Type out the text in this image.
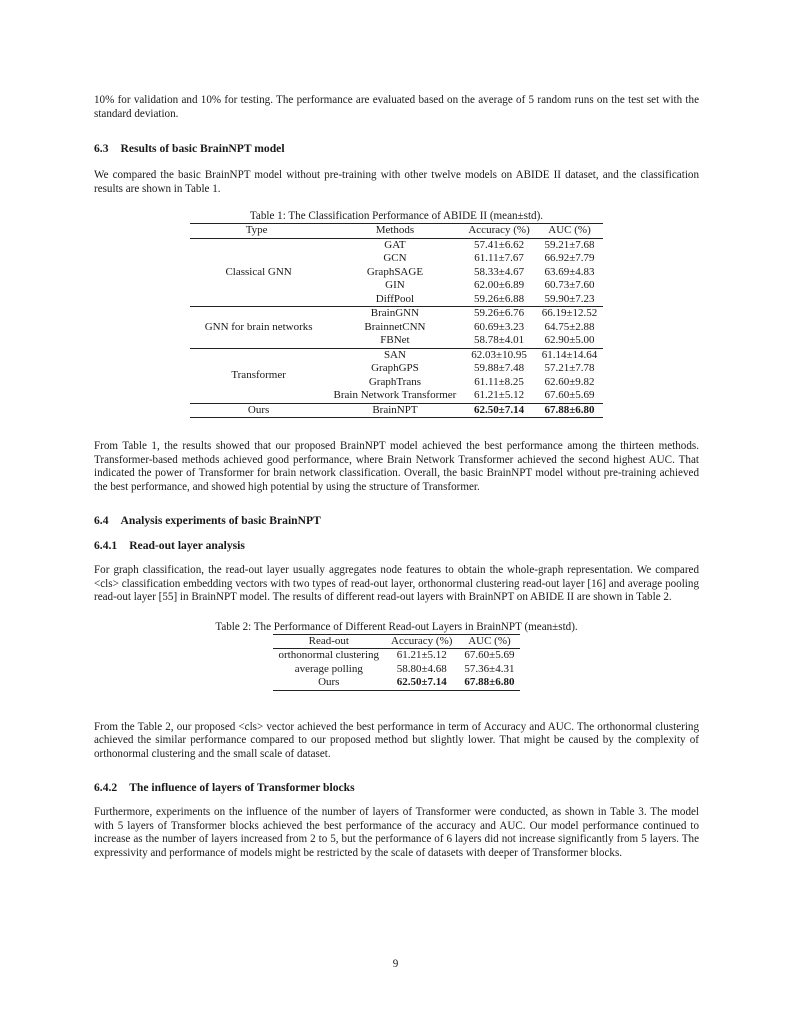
10% for validation and 10% for testing. The performance are evaluated based on the average of 5 random runs on the test set with the standard deviation.

6.3 Results of basic BrainNPT model

We compared the basic BrainNPT model without pre-training with other twelve models on ABIDE II dataset, and the classification results are shown in Table 1.

Table 1: The Classification Performance of ABIDE II (mean±std).
Type	Methods	Accuracy (%)	AUC (%)
Classical GNN	GAT	57.41±6.62	59.21±7.68
	GCN	61.11±7.67	66.92±7.79
	GraphSAGE	58.33±4.67	63.69±4.83
	GIN	62.00±6.89	60.73±7.60
	DiffPool	59.26±6.88	59.90±7.23
GNN for brain networks	BrainGNN	59.26±6.76	66.19±12.52
	BrainnetCNN	60.69±3.23	64.75±2.88
	FBNet	58.78±4.01	62.90±5.00
Transformer	SAN	62.03±10.95	61.14±14.64
	GraphGPS	59.88±7.48	57.21±7.78
	GraphTrans	61.11±8.25	62.60±9.82
	Brain Network Transformer	61.21±5.12	67.60±5.69
Ours	BrainNPT	62.50±7.14	67.88±6.80

From Table 1, the results showed that our proposed BrainNPT model achieved the best performance among the thirteen methods. Transformer-based methods achieved good performance, where Brain Network Transformer achieved the second highest AUC. That indicated the power of Transformer for brain network classification. Overall, the basic BrainNPT model without pre-training achieved the best performance, and showed high potential by using the structure of Transformer.

6.4 Analysis experiments of basic BrainNPT
6.4.1 Read-out layer analysis

For graph classification, the read-out layer usually aggregates node features to obtain the whole-graph representation. We compared <cls> classification embedding vectors with two types of read-out layer, orthonormal clustering read-out layer [16] and average pooling read-out layer [55] in BrainNPT model. The results of different read-out layers with BrainNPT on ABIDE II are shown in Table 2.

Table 2: The Performance of Different Read-out Layers in BrainNPT (mean±std).
Read-out	Accuracy (%)	AUC (%)
orthonormal clustering	61.21±5.12	67.60±5.69
average polling	58.80±4.68	57.36±4.31
Ours	62.50±7.14	67.88±6.80

From the Table 2, our proposed <cls> vector achieved the best performance in term of Accuracy and AUC. The orthonormal clustering achieved the similar performance compared to our proposed method but slightly lower. That might be caused by the complexity of orthonormal clustering and the small scale of dataset.

6.4.2 The influence of layers of Transformer blocks

Furthermore, experiments on the influence of the number of layers of Transformer were conducted, as shown in Table 3. The model with 5 layers of Transformer blocks achieved the best performance of the accuracy and AUC. Our model performance continued to increase as the number of layers increased from 2 to 5, but the performance of 6 layers did not increase significantly from 5 layers. The expressivity and performance of models might be restricted by the scale of datasets with deeper of Transformer blocks.

9
